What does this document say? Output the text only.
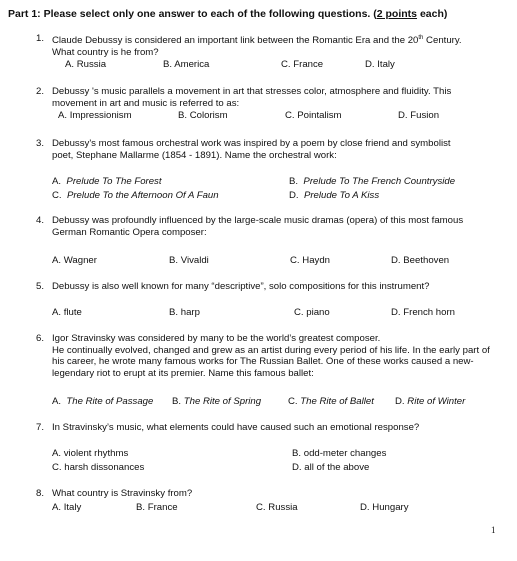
Part 1: Please select only one answer to each of the following questions. (2 points each)
1. Claude Debussy is considered an important link between the Romantic Era and the 20th Century. What country is he from?
A. Russia	B. America	C. France	D. Italy
2. Debussy 's music parallels a movement in art that stresses color, atmosphere and fluidity. This movement in art and music is referred to as:
A. Impressionism	B. Colorism	C. Pointalism	D. Fusion
3. Debussy's most famous orchestral work was inspired by a poem by close friend and symbolist poet, Stephane Mallarme (1854 - 1891). Name the orchestral work:
A. Prelude To The Forest	B. Prelude To The French Countryside
C. Prelude To the Afternoon Of A Faun	D. Prelude To A Kiss
4. Debussy was profoundly influenced by the large-scale music dramas (opera) of this most famous German Romantic Opera composer:
A. Wagner	B. Vivaldi	C. Haydn	D. Beethoven
5. Debussy is also well known for many “descriptive”, solo compositions for this instrument?
A. flute	B. harp	C. piano	D. French horn
6. Igor Stravinsky was considered by many to be the world’s greatest composer.
He continually evolved, changed and grew as an artist during every period of his life. In the early part of his career, he wrote many famous works for The Russian Ballet. One of these works caused a new-legendary riot to erupt at its premier. Name this famous ballet:
A. The Rite of Passage B. The Rite of Spring	C. The Rite of Ballet D. Rite of Winter
7. In Stravinsky’s music, what elements could have caused such an emotional response?
A. violent rhythms	B. odd-meter changes
C. harsh dissonances	D. all of the above
8. What country is Stravinsky from?
A. Italy	B. France	C. Russia	D. Hungary
1
